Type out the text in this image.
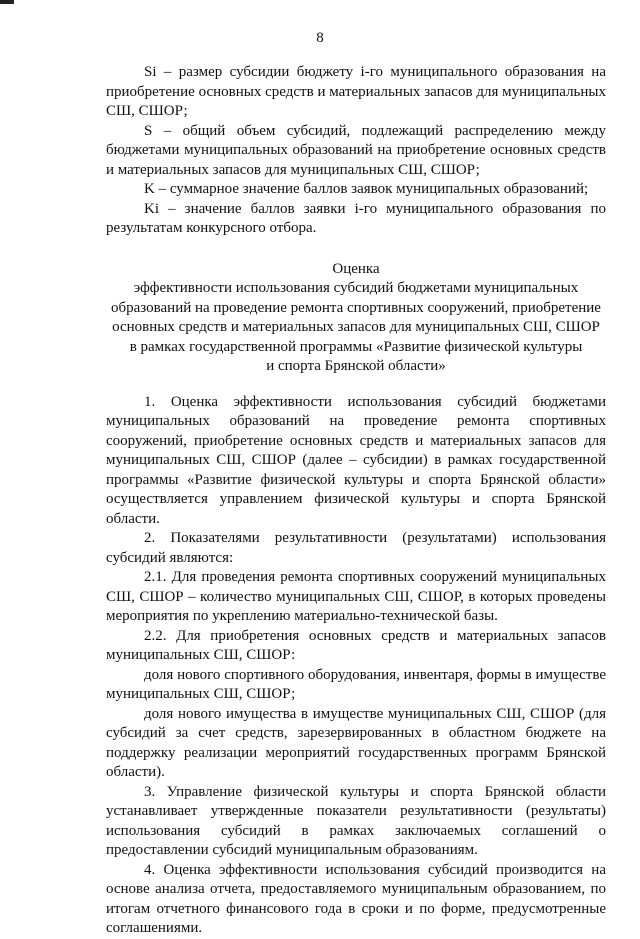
8

Si – размер субсидии бюджету i-го муниципального образования на приобретение основных средств и материальных запасов для муниципальных СШ, СШОР;

S – общий объем субсидий, подлежащий распределению между бюджетами муниципальных образований на приобретение основных средств и материальных запасов для муниципальных СШ, СШОР;

K – суммарное значение баллов заявок муниципальных образований;

Ki – значение баллов заявки i-го муниципального образования по результатам конкурсного отбора.

Оценка
эффективности использования субсидий бюджетами муниципальных
образований на проведение ремонта спортивных сооружений, приобретение
основных средств и материальных запасов для муниципальных СШ, СШОР
в рамках государственной программы «Развитие физической культуры
и спорта Брянской области»

1. Оценка эффективности использования субсидий бюджетами муниципальных образований на проведение ремонта спортивных сооружений, приобретение основных средств и материальных запасов для муниципальных СШ, СШОР (далее – субсидии) в рамках государственной программы «Развитие физической культуры и спорта Брянской области» осуществляется управлением физической культуры и спорта Брянской области.

2. Показателями результативности (результатами) использования субсидий являются:

2.1. Для проведения ремонта спортивных сооружений муниципальных СШ, СШОР – количество муниципальных СШ, СШОР, в которых проведены мероприятия по укреплению материально-технической базы.

2.2. Для приобретения основных средств и материальных запасов муниципальных СШ, СШОР:

доля нового спортивного оборудования, инвентаря, формы в имуществе муниципальных СШ, СШОР;

доля нового имущества в имуществе муниципальных СШ, СШОР (для субсидий за счет средств, зарезервированных в областном бюджете на поддержку реализации мероприятий государственных программ Брянской области).

3. Управление физической культуры и спорта Брянской области устанавливает утвержденные показатели результативности (результаты) использования субсидий в рамках заключаемых соглашений о предоставлении субсидий муниципальным образованиям.

4. Оценка эффективности использования субсидий производится на основе анализа отчета, предоставляемого муниципальным образованием, по итогам отчетного финансового года в сроки и по форме, предусмотренные соглашениями.
